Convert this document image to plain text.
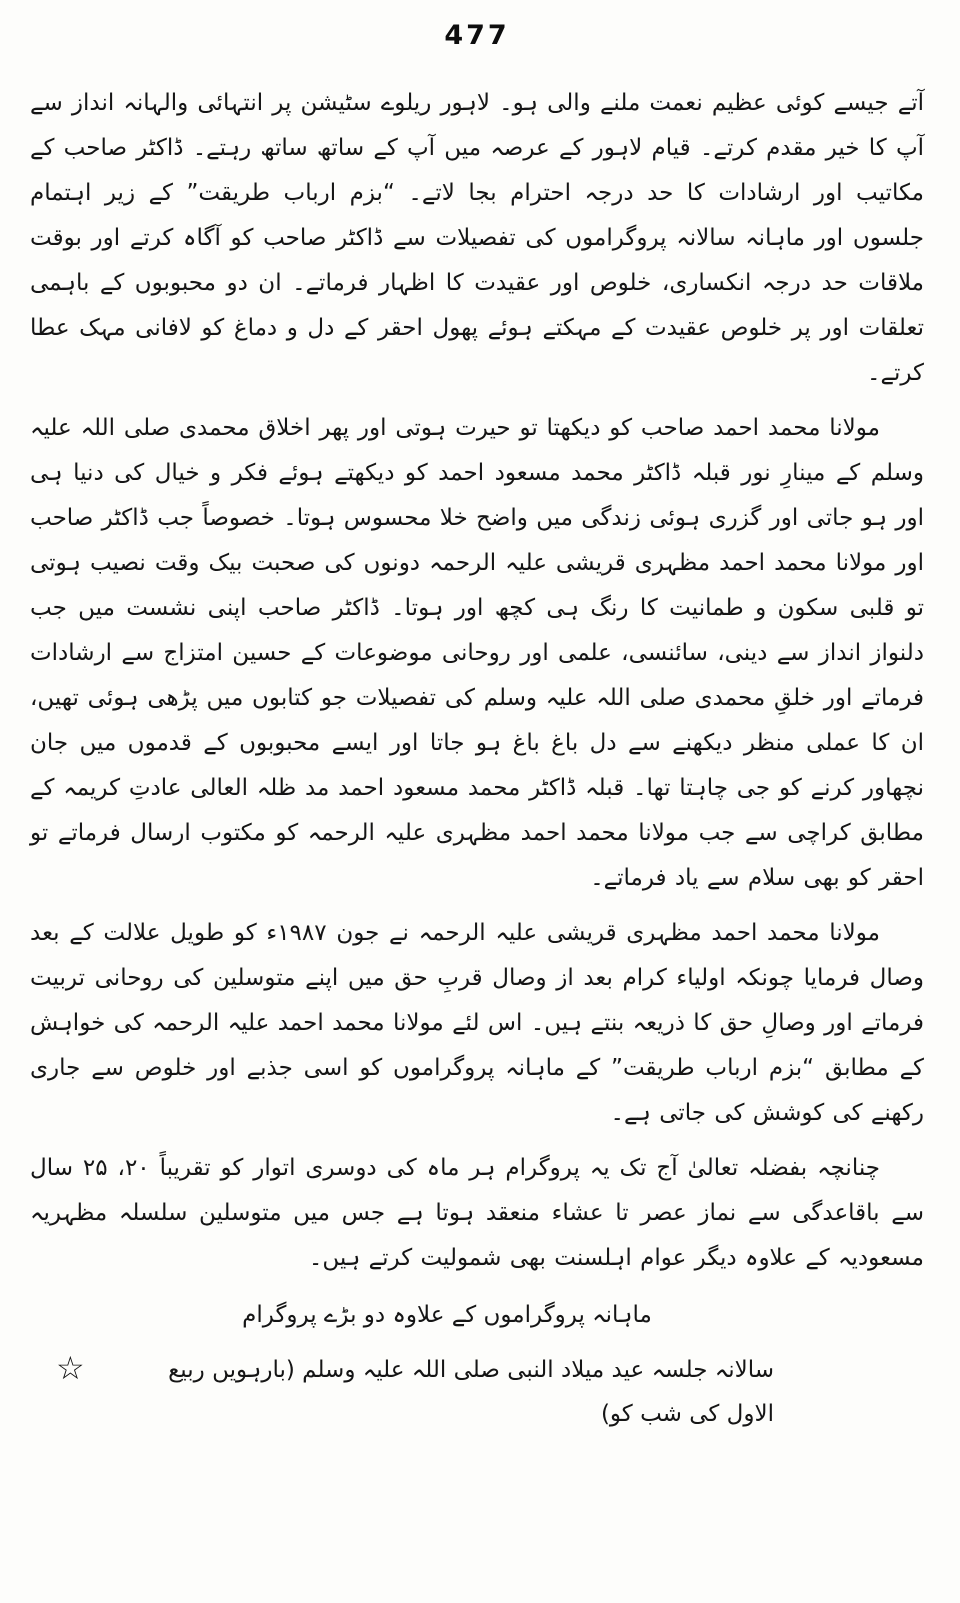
477

آتے جیسے کوئی عظیم نعمت ملنے والی ہو۔ لاہور ریلوے سٹیشن پر انتہائی والہانہ انداز سے آپ کا خیر مقدم کرتے۔ قیام لاہور کے عرصہ میں آپ کے ساتھ ساتھ رہتے۔ ڈاکٹر صاحب کے مکاتیب اور ارشادات کا حد درجہ احترام بجا لاتے۔ “بزم ارباب طریقت” کے زیر اہتمام جلسوں اور ماہانہ سالانہ پروگراموں کی تفصیلات سے ڈاکٹر صاحب کو آگاہ کرتے اور بوقت ملاقات حد درجہ انکساری، خلوص اور عقیدت کا اظہار فرماتے۔ ان دو محبوبوں کے باہمی تعلقات اور پر خلوص عقیدت کے مہکتے ہوئے پھول احقر کے دل و دماغ کو لافانی مہک عطا کرتے۔

مولانا محمد احمد صاحب کو دیکھتا تو حیرت ہوتی اور پھر اخلاق محمدی صلی اللہ علیہ وسلم کے مینارِ نور قبلہ ڈاکٹر محمد مسعود احمد کو دیکھتے ہوئے فکر و خیال کی دنیا ہی اور ہو جاتی اور گزری ہوئی زندگی میں واضح خلا محسوس ہوتا۔ خصوصاً جب ڈاکٹر صاحب اور مولانا محمد احمد مظہری قریشی علیہ الرحمہ دونوں کی صحبت بیک وقت نصیب ہوتی تو قلبی سکون و طمانیت کا رنگ ہی کچھ اور ہوتا۔ ڈاکٹر صاحب اپنی نشست میں جب دلنواز انداز سے دینی، سائنسی، علمی اور روحانی موضوعات کے حسین امتزاج سے ارشادات فرماتے اور خلقِ محمدی صلی اللہ علیہ وسلم کی تفصیلات جو کتابوں میں پڑھی ہوئی تھیں، ان کا عملی منظر دیکھنے سے دل باغ باغ ہو جاتا اور ایسے محبوبوں کے قدموں میں جان نچھاور کرنے کو جی چاہتا تھا۔ قبلہ ڈاکٹر محمد مسعود احمد مد ظلہ العالی عادتِ کریمہ کے مطابق کراچی سے جب مولانا محمد احمد مظہری علیہ الرحمہ کو مکتوب ارسال فرماتے تو احقر کو بھی سلام سے یاد فرماتے۔

مولانا محمد احمد مظہری قریشی علیہ الرحمہ نے جون ۱۹۸۷ء کو طویل علالت کے بعد وصال فرمایا چونکہ اولیاء کرام بعد از وصال قربِ حق میں اپنے متوسلین کی روحانی تربیت فرماتے اور وصالِ حق کا ذریعہ بنتے ہیں۔ اس لئے مولانا محمد احمد علیہ الرحمہ کی خواہش کے مطابق “بزم ارباب طریقت” کے ماہانہ پروگراموں کو اسی جذبے اور خلوص سے جاری رکھنے کی کوشش کی جاتی ہے۔

چنانچہ بفضلہ تعالیٰ آج تک یہ پروگرام ہر ماہ کی دوسری اتوار کو تقریباً ۲۰، ۲۵ سال سے باقاعدگی سے نماز عصر تا عشاء منعقد ہوتا ہے جس میں متوسلین سلسلہ مظہریہ مسعودیہ کے علاوہ دیگر عوام اہلسنت بھی شمولیت کرتے ہیں۔

ماہانہ پروگراموں کے علاوہ دو بڑے پروگرام
☆	سالانہ جلسہ عید میلاد النبی صلی اللہ علیہ وسلم (بارہویں ربیع الاول کی شب کو)
